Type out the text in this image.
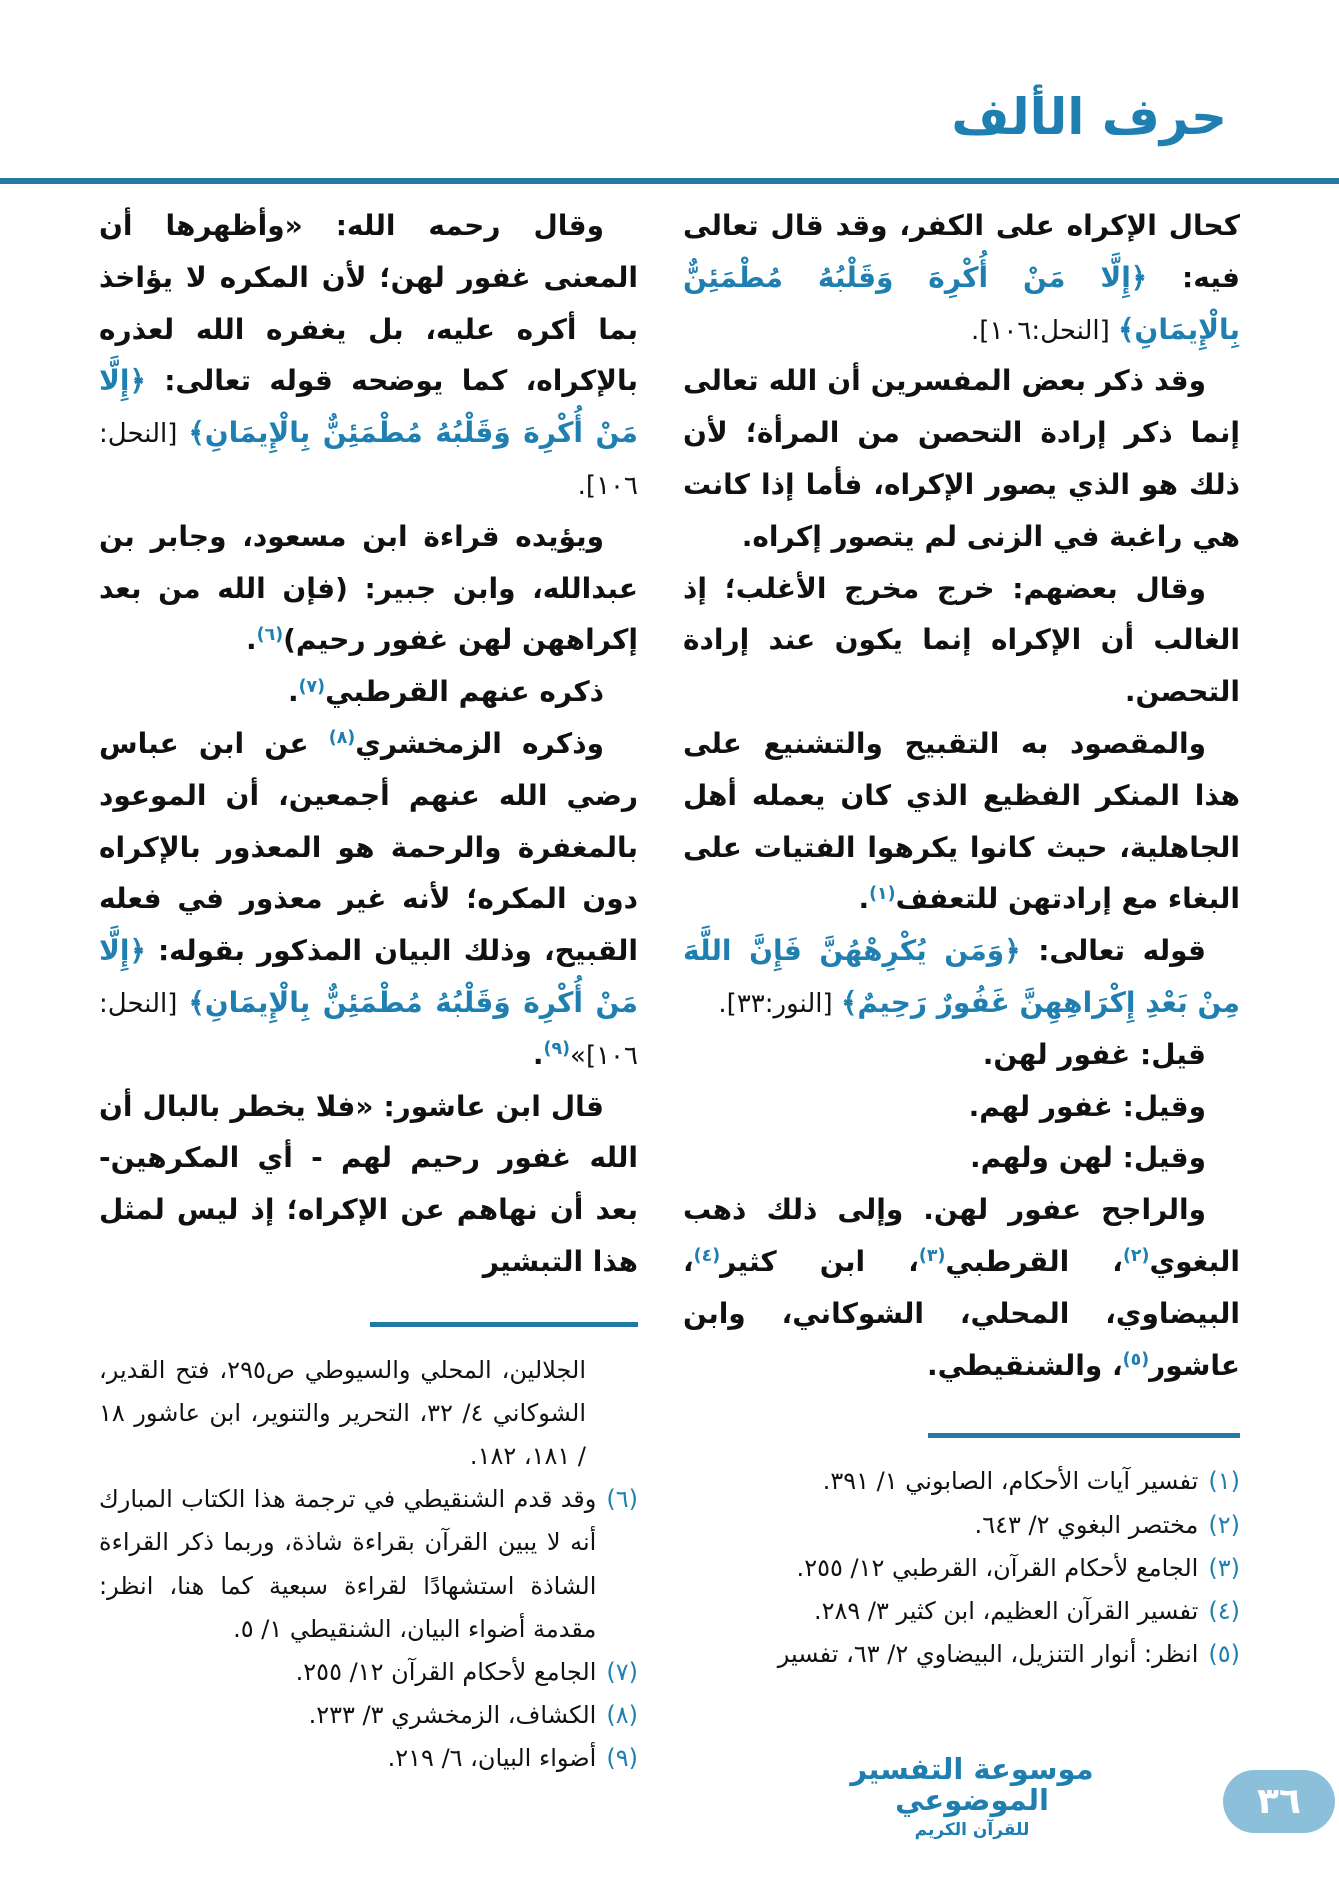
حرف الألف

كحال الإكراه على الكفر، وقد قال تعالى فيه: ﴿إِلَّا مَنْ أُكْرِهَ وَقَلْبُهُ مُطْمَئِنٌّ بِالْإِيمَانِ﴾ [النحل:١٠٦].

وقد ذكر بعض المفسرين أن الله تعالى إنما ذكر إرادة التحصن من المرأة؛ لأن ذلك هو الذي يصور الإكراه، فأما إذا كانت هي راغبة في الزنى لم يتصور إكراه.

وقال بعضهم: خرج مخرج الأغلب؛ إذ الغالب أن الإكراه إنما يكون عند إرادة التحصن.

والمقصود به التقبيح والتشنيع على هذا المنكر الفظيع الذي كان يعمله أهل الجاهلية، حيث كانوا يكرهوا الفتيات على البغاء مع إرادتهن للتعفف$^{(١)}$.

قوله تعالى: ﴿وَمَن يُكْرِهْهُنَّ فَإِنَّ اللَّهَ مِنْ بَعْدِ إِكْرَاهِهِنَّ غَفُورٌ رَحِيمٌ﴾ [النور:٣٣].

قيل: غفور لهن.

وقيل: غفور لهم.

وقيل: لهن ولهم.

والراجح عفور لهن. وإلى ذلك ذهب البغوي$^{(٢)}$، القرطبي$^{(٣)}$، ابن كثير$^{(٤)}$، البيضاوي، المحلي، الشوكاني، وابن عاشور$^{(٥)}$، والشنقيطي.

(١)
تفسير آيات الأحكام، الصابوني ١/ ٣٩١.
(٢)
مختصر البغوي ٢/ ٦٤٣.
(٣)
الجامع لأحكام القرآن، القرطبي ١٢/ ٢٥٥.
(٤)
تفسير القرآن العظيم، ابن كثير ٣/ ٢٨٩.
(٥)
انظر: أنوار التنزيل، البيضاوي ٢/ ٦٣، تفسير

وقال رحمه الله: «وأظهرها أن المعنى غفور لهن؛ لأن المكره لا يؤاخذ بما أكره عليه، بل يغفره الله لعذره بالإكراه، كما يوضحه قوله تعالى: ﴿إِلَّا مَنْ أُكْرِهَ وَقَلْبُهُ مُطْمَئِنٌّ بِالْإِيمَانِ﴾ [النحل: ١٠٦].

ويؤيده قراءة ابن مسعود، وجابر بن عبدالله، وابن جبير: (فإن الله من بعد إكراههن لهن غفور رحيم)$^{(٦)}$.

ذكره عنهم القرطبي$^{(٧)}$.

وذكره الزمخشري$^{(٨)}$ عن ابن عباس رضي الله عنهم أجمعين، أن الموعود بالمغفرة والرحمة هو المعذور بالإكراه دون المكره؛ لأنه غير معذور في فعله القبيح، وذلك البيان المذكور بقوله: ﴿إِلَّا مَنْ أُكْرِهَ وَقَلْبُهُ مُطْمَئِنٌّ بِالْإِيمَانِ﴾ [النحل: ١٠٦]»$^{(٩)}$.

قال ابن عاشور: «فلا يخطر بالبال أن الله غفور رحيم لهم - أي المكرهين- بعد أن نهاهم عن الإكراه؛ إذ ليس لمثل هذا التبشير

الجلالين، المحلي والسيوطي ص٢٩٥، فتح القدير، الشوكاني ٤/ ٣٢، التحرير والتنوير، ابن عاشور ١٨ / ١٨١، ١٨٢.
(٦)
وقد قدم الشنقيطي في ترجمة هذا الكتاب المبارك أنه لا يبين القرآن بقراءة شاذة، وربما ذكر القراءة الشاذة استشهادًا لقراءة سبعية كما هنا، انظر: مقدمة أضواء البيان، الشنقيطي ١/ ٥.
(٧)
الجامع لأحكام القرآن ١٢/ ٢٥٥.
(٨)
الكشاف، الزمخشري ٣/ ٢٣٣.
(٩)
أضواء البيان، ٦/ ٢١٩.	موسوعة التفسير الموضوعي
للقرآن الكريم
٣٦
